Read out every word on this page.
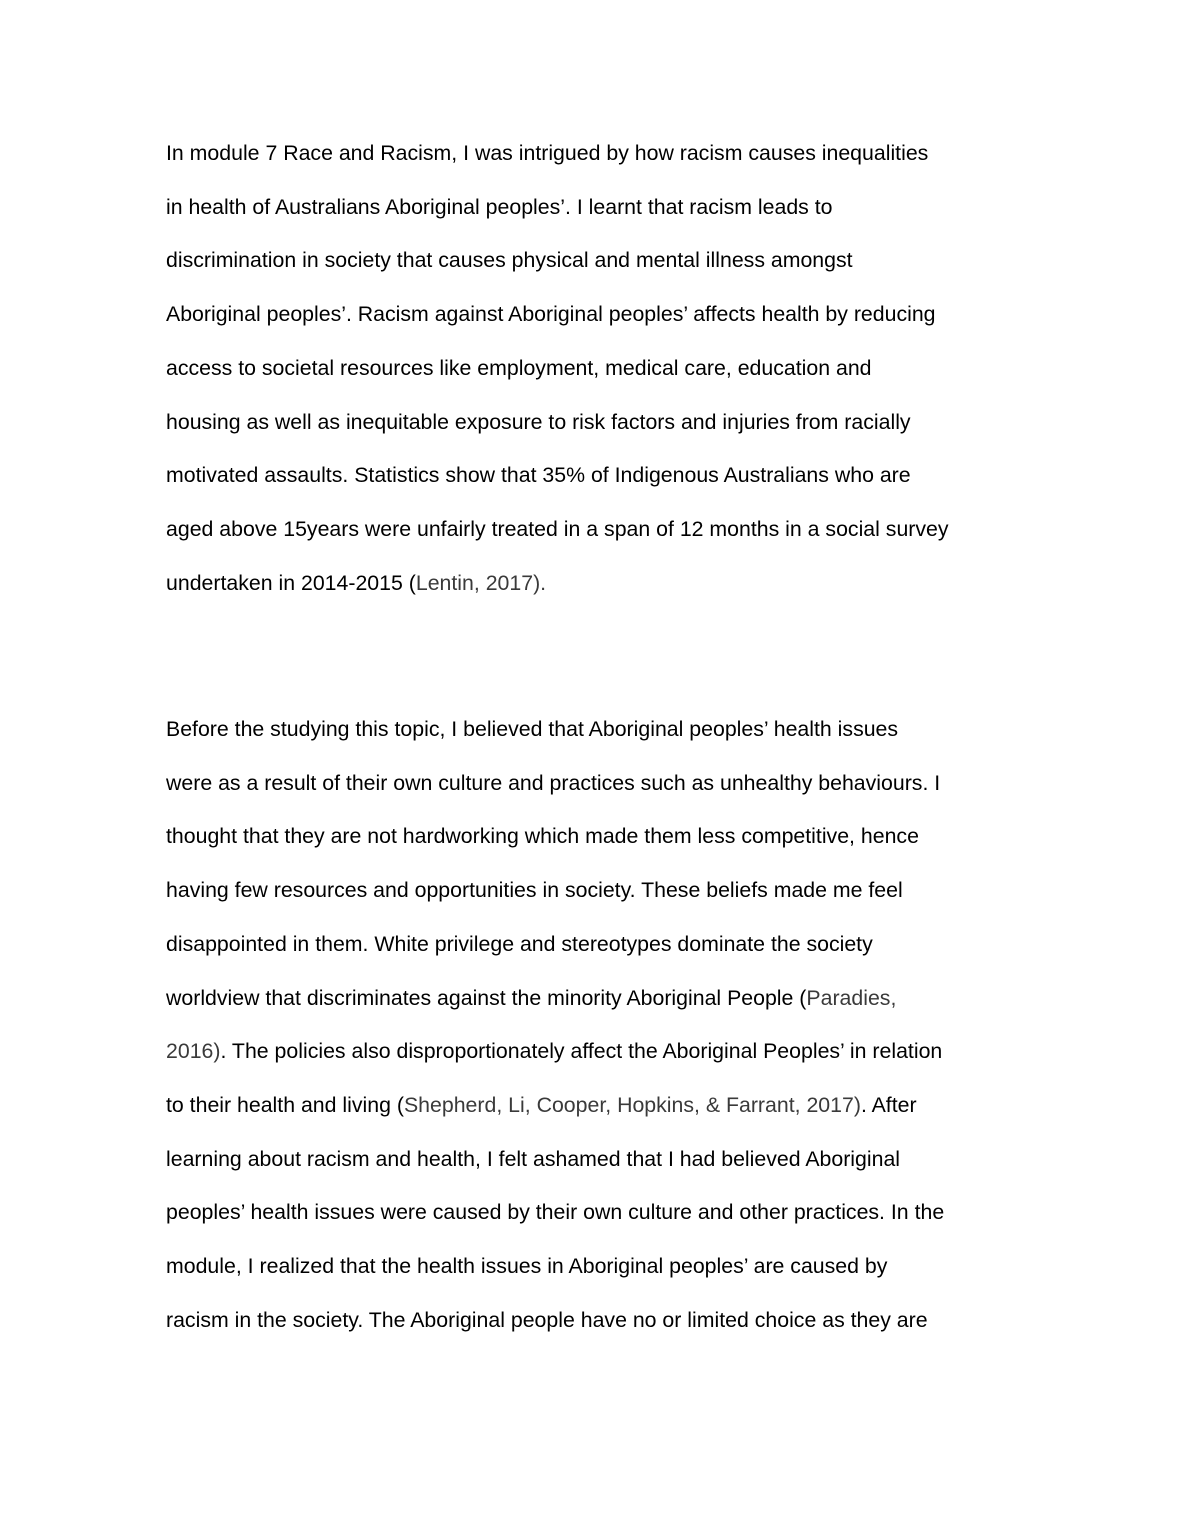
In module 7 Race and Racism, I was intrigued by how racism causes inequalities
in health of Australians Aboriginal peoples’. I learnt that racism leads to
discrimination in society that causes physical and mental illness amongst
Aboriginal peoples’. Racism against Aboriginal peoples’ affects health by reducing
access to societal resources like employment, medical care, education and
housing as well as inequitable exposure to risk factors and injuries from racially
motivated assaults. Statistics show that 35% of Indigenous Australians who are
aged above 15years were unfairly treated in a span of 12 months in a social survey
undertaken in 2014-2015 (Lentin, 2017).
Before the studying this topic, I believed that Aboriginal peoples’ health issues
were as a result of their own culture and practices such as unhealthy behaviours. I
thought that they are not hardworking which made them less competitive, hence
having few resources and opportunities in society. These beliefs made me feel
disappointed in them. White privilege and stereotypes dominate the society
worldview that discriminates against the minority Aboriginal People (Paradies,
2016). The policies also disproportionately affect the Aboriginal Peoples’ in relation
to their health and living (Shepherd, Li, Cooper, Hopkins, & Farrant, 2017). After
learning about racism and health, I felt ashamed that I had believed Aboriginal
peoples’ health issues were caused by their own culture and other practices. In the
module, I realized that the health issues in Aboriginal peoples’ are caused by
racism in the society. The Aboriginal people have no or limited choice as they are
